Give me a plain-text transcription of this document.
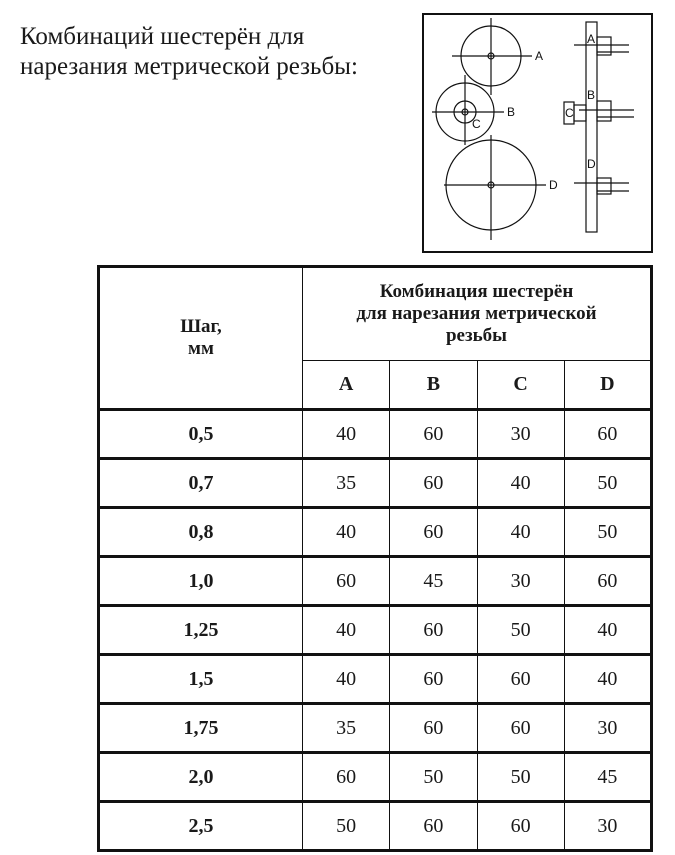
Комбинаций шестерён для
нарезания метрической резьбы:	A
B
C
D
A
B
C
D
Шаг,
мм	Комбинация шестерён
для нарезания метрической
резьбы			

	A	B	C	D
0,5	40	60	30	60
0,7	35	60	40	50
0,8	40	60	40	50
1,0	60	45	30	60
1,25	40	60	50	40
1,5	40	60	60	40
1,75	35	60	60	30
2,0	60	50	50	45
2,5	50	60	60	30
